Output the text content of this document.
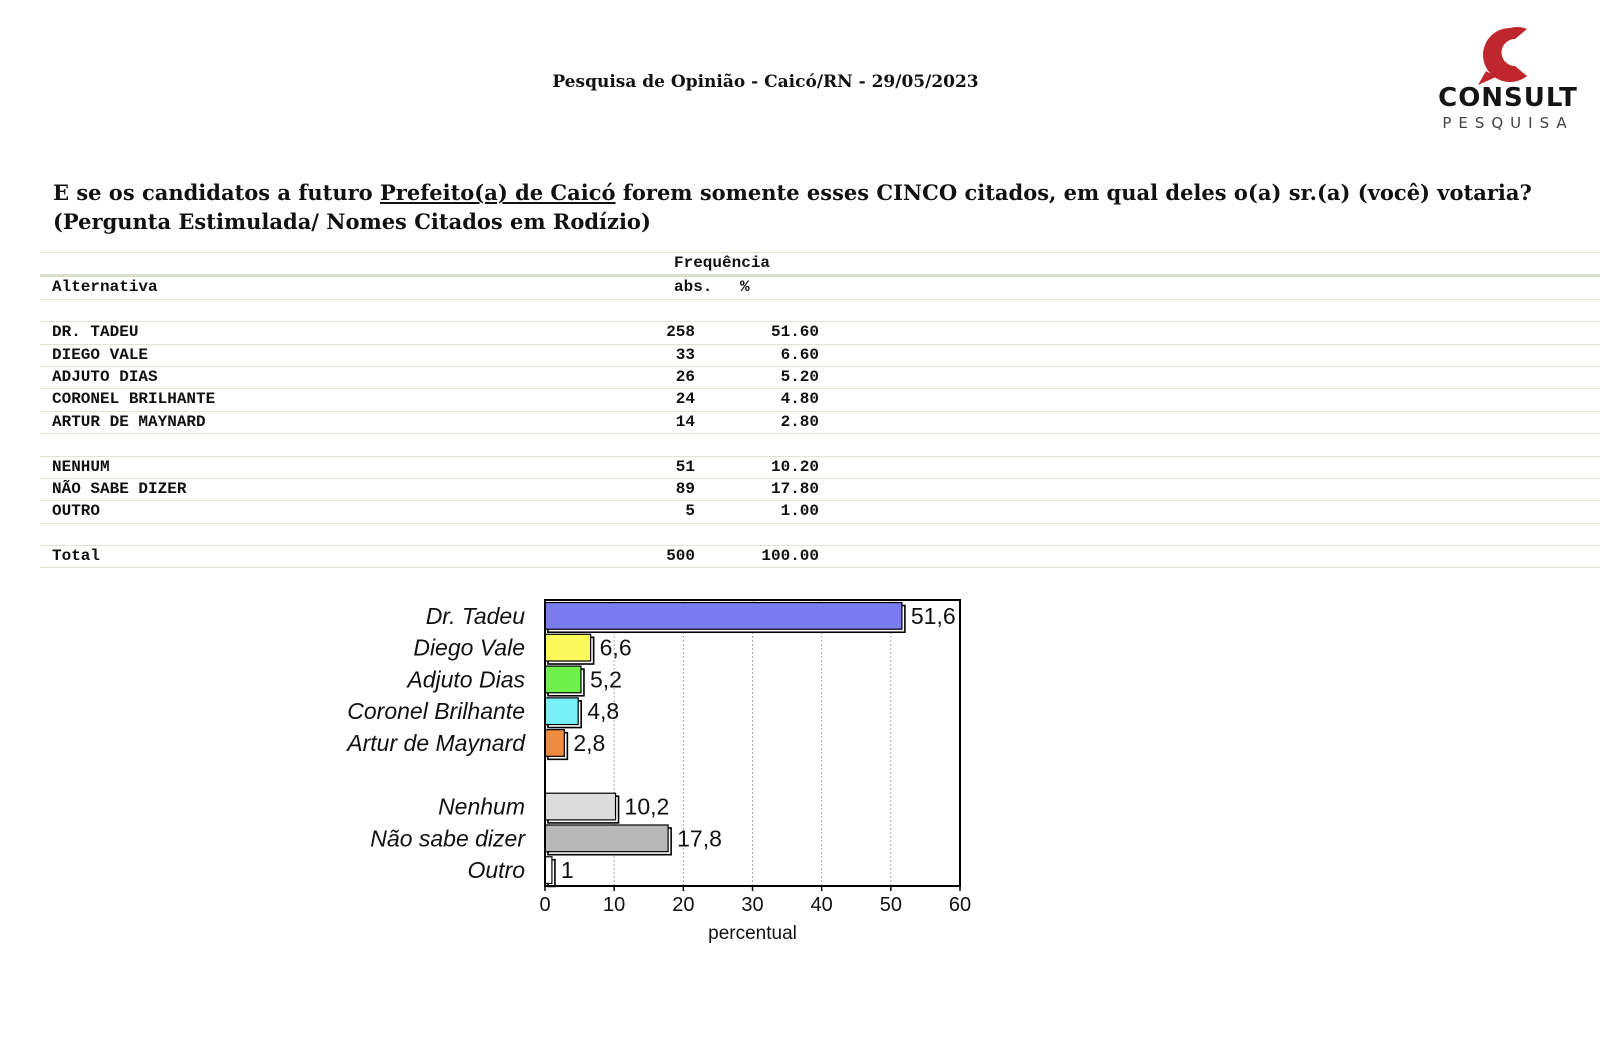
Pesquisa de Opinião - Caicó/RN - 29/05/2023
CONSULT
PESQUISA
E se os candidatos a futuro Prefeito(a) de Caicó forem somente esses CINCO citados, em qual deles o(a) sr.(a) (você) votaria?
(Pergunta Estimulada/ Nomes Citados em Rodízio)
Frequência
Alternativa	abs. %
DR. TADEU	258	51.60
DIEGO VALE	33	6.60
ADJUTO DIAS	26	5.20
CORONEL BRILHANTE	24	4.80
ARTUR DE MAYNARD	14	2.80
NENHUM	51	10.20
NÃO SABE DIZER	89	17.80
OUTRO	5	1.00
Total	500	100.00
51,6
Dr. Tadeu
6,6
Diego Vale
5,2
Adjuto Dias
4,8
Coronel Brilhante
2,8
Artur de Maynard
10,2
Nenhum
17,8
Não sabe dizer
1
Outro
0	10 20 30 40 50 60
percentual
